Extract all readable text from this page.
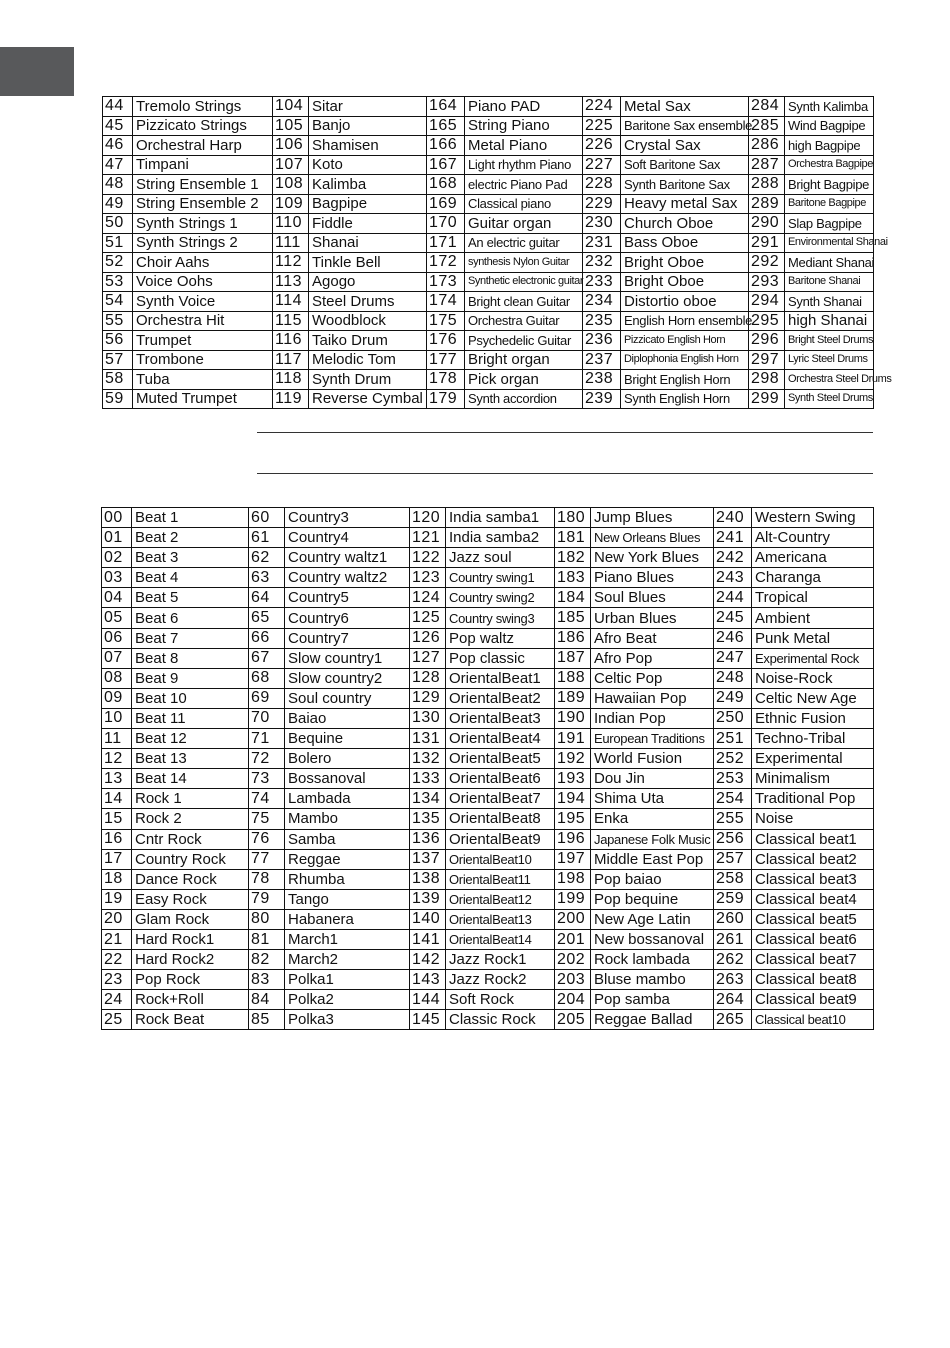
44	Tremolo Strings	104	Sitar	164	Piano PAD	224	Metal Sax	284	Synth Kalimba
45	Pizzicato Strings	105	Banjo	165	String Piano	225	Baritone Sax ensemble	285	Wind Bagpipe
46	Orchestral Harp	106	Shamisen	166	Metal Piano	226	Crystal Sax	286	high Bagpipe
47	Timpani	107	Koto	167	Light rhythm Piano	227	Soft Baritone Sax	287	Orchestra Bagpipe
48	String Ensemble 1	108	Kalimba	168	electric Piano Pad	228	Synth Baritone Sax	288	Bright Bagpipe
49	String Ensemble 2	109	Bagpipe	169	Classical piano	229	Heavy metal Sax	289	Baritone Bagpipe
50	Synth Strings 1	110	Fiddle	170	Guitar organ	230	Church Oboe	290	Slap Bagpipe
51	Synth Strings 2	111	Shanai	171	An electric guitar	231	Bass Oboe	291	Environmental Shanai
52	Choir Aahs	112	Tinkle Bell	172	synthesis Nylon Guitar	232	Bright Oboe	292	Mediant Shanai
53	Voice Oohs	113	Agogo	173	Synthetic electronic guitar	233	Bright Oboe	293	Baritone Shanai
54	Synth Voice	114	Steel Drums	174	Bright clean Guitar	234	Distortio oboe	294	Synth Shanai
55	Orchestra Hit	115	Woodblock	175	Orchestra Guitar	235	English Horn ensemble	295	high Shanai
56	Trumpet	116	Taiko Drum	176	Psychedelic Guitar	236	Pizzicato English Horn	296	Bright Steel Drums
57	Trombone	117	Melodic Tom	177	Bright organ	237	Diplophonia English Horn	297	Lyric Steel Drums
58	Tuba	118	Synth Drum	178	Pick organ	238	Bright English Horn	298	Orchestra Steel Drums
59	Muted Trumpet	119	Reverse Cymbal	179	Synth accordion	239	Synth English Horn	299	Synth Steel Drums
00	Beat 1	60	Country3	120	India samba1	180	Jump Blues	240	Western Swing
01	Beat 2	61	Country4	121	India samba2	181	New Orleans Blues	241	Alt-Country
02	Beat 3	62	Country waltz1	122	Jazz soul	182	New York Blues	242	Americana
03	Beat 4	63	Country waltz2	123	Country swing1	183	Piano Blues	243	Charanga
04	Beat 5	64	Country5	124	Country swing2	184	Soul Blues	244	Tropical
05	Beat 6	65	Country6	125	Country swing3	185	Urban Blues	245	Ambient
06	Beat 7	66	Country7	126	Pop waltz	186	Afro Beat	246	Punk Metal
07	Beat 8	67	Slow country1	127	Pop classic	187	Afro Pop	247	Experimental Rock
08	Beat 9	68	Slow country2	128	OrientalBeat1	188	Celtic Pop	248	Noise-Rock
09	Beat 10	69	Soul country	129	OrientalBeat2	189	Hawaiian Pop	249	Celtic New Age
10	Beat 11	70	Baiao	130	OrientalBeat3	190	Indian Pop	250	Ethnic Fusion
11	Beat 12	71	Bequine	131	OrientalBeat4	191	European Traditions	251	Techno-Tribal
12	Beat 13	72	Bolero	132	OrientalBeat5	192	World Fusion	252	Experimental
13	Beat 14	73	Bossanoval	133	OrientalBeat6	193	Dou Jin	253	Minimalism
14	Rock 1	74	Lambada	134	OrientalBeat7	194	Shima Uta	254	Traditional Pop
15	Rock 2	75	Mambo	135	OrientalBeat8	195	Enka	255	Noise
16	Cntr Rock	76	Samba	136	OrientalBeat9	196	Japanese Folk Music	256	Classical beat1
17	Country Rock	77	Reggae	137	OrientalBeat10	197	Middle East Pop	257	Classical beat2
18	Dance Rock	78	Rhumba	138	OrientalBeat11	198	Pop baiao	258	Classical beat3
19	Easy Rock	79	Tango	139	OrientalBeat12	199	Pop bequine	259	Classical beat4
20	Glam Rock	80	Habanera	140	OrientalBeat13	200	New Age Latin	260	Classical beat5
21	Hard Rock1	81	March1	141	OrientalBeat14	201	New bossanoval	261	Classical beat6
22	Hard Rock2	82	March2	142	Jazz Rock1	202	Rock lambada	262	Classical beat7
23	Pop Rock	83	Polka1	143	Jazz Rock2	203	Bluse mambo	263	Classical beat8
24	Rock+Roll	84	Polka2	144	Soft Rock	204	Pop samba	264	Classical beat9
25	Rock Beat	85	Polka3	145	Classic Rock	205	Reggae Ballad	265	Classical beat10
